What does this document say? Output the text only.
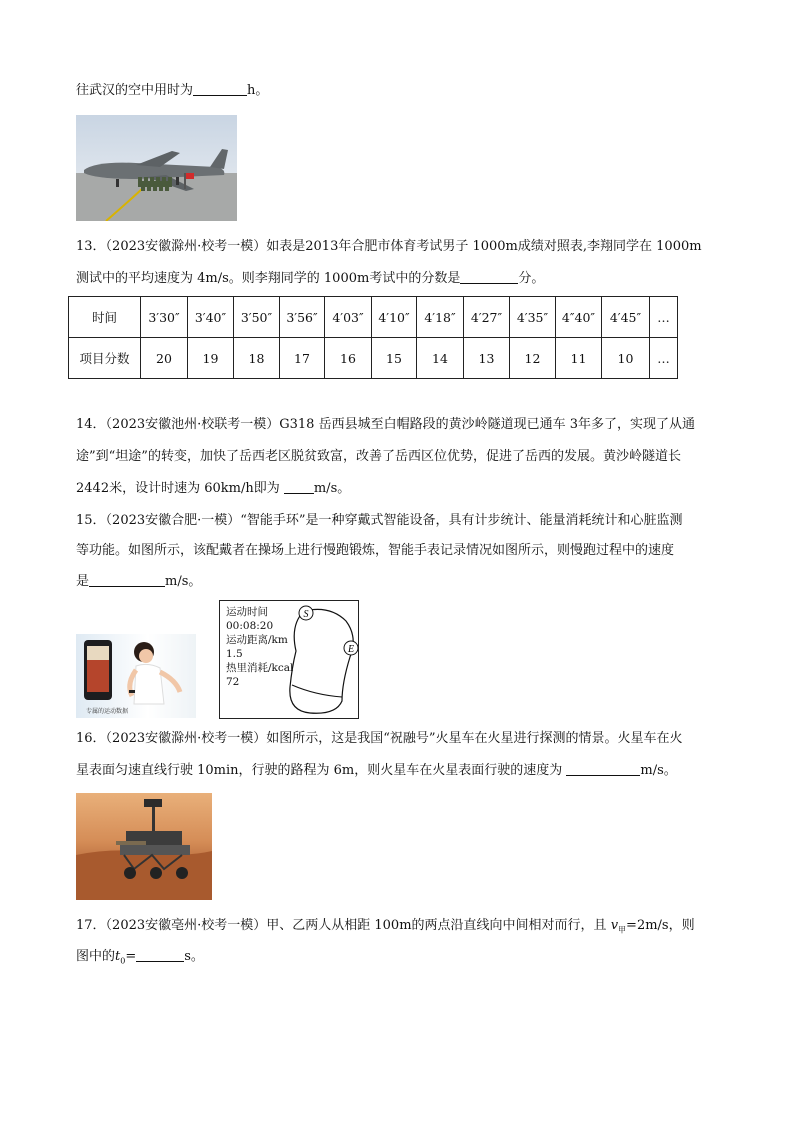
往武汉的空中用时为	h。
13．（2023安徽滁州·校考一模）如表是2013年合肥市体育考试男子 1000m成绩对照表,李翔同学在 1000m
测试中的平均速度为 4m/s。则李翔同学的 1000m考试中的分数是	分。
时间	3′30″	3′40″	3′50″	3′56″	4′03″	4′10″	4′18″	4′27″	4′35″	4″40″	4′45″	…
项目分数	20	19	18	17	16	15	14	13	12	11	10	…
14．（2023安徽池州·校联考一模）G318 岳西县城至白帽路段的黄沙岭隧道现已通车 3年多了，实现了从通
途”到“坦途”的转变，加快了岳西老区脱贫致富，改善了岳西区位优势，促进了岳西的发展。黄沙岭隧道长
2442米，设计时速为 60km/h即为	m/s。
15．（2023安徽合肥·一模）“智能手环”是一种穿戴式智能设备，具有计步统计、能量消耗统计和心脏监测
等功能。如图所示，该配戴者在操场上进行慢跑锻炼，智能手表记录情况如图所示，则慢跑过程中的速度
是	m/s。
专属的运动数据
运动时间
00:08:20
运动距离/km
1.5
热里消耗/kcal
72
S
E
16．（2023安徽滁州·校考一模）如图所示，这是我国“祝融号”火星车在火星进行探测的情景。火星车在火
星表面匀速直线行驶 10min，行驶的路程为 6m，则火星车在火星表面行驶的速度为	m/s。
17．（2023安徽亳州·校考一模）甲、乙两人从相距 100m的两点沿直线向中间相对而行，且 $v_甲=2m/s$，则
图中的$t_0=$	s。
